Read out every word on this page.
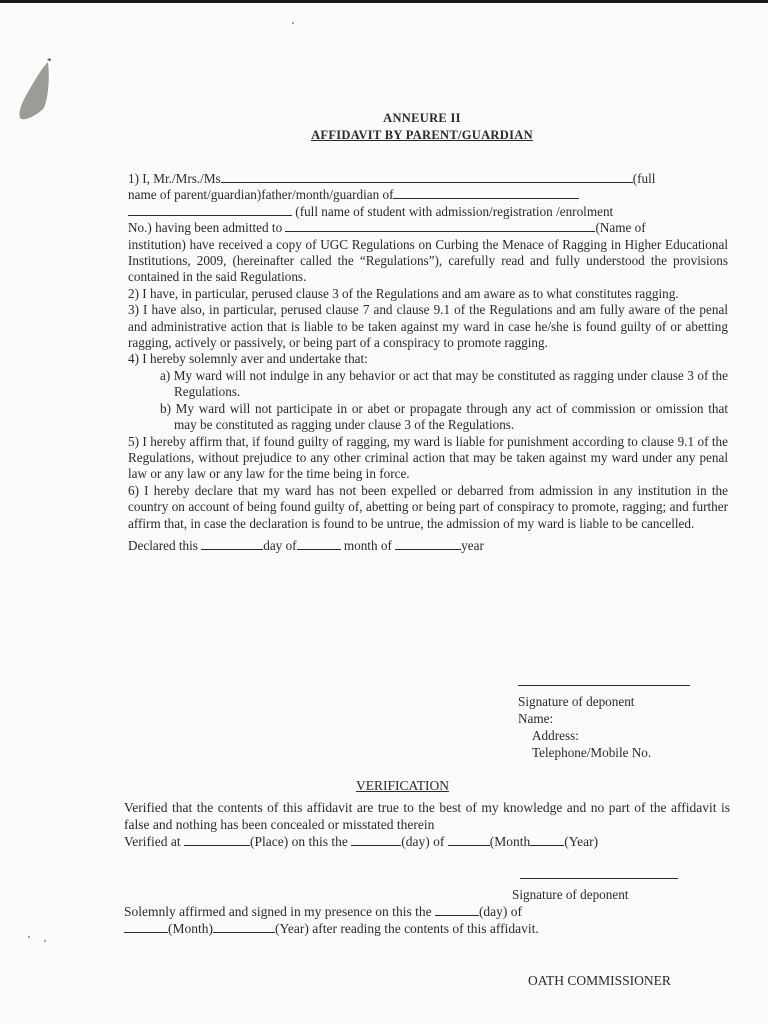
ANNEURE II
AFFIDAVIT BY PARENT/GUARDIAN

1) I, Mr./Mrs./Ms	(full

name of parent/guardian)father/month/guardian of

(full name of student with admission/registration /enrolment

No.) having been admitted to	(Name of

institution) have received a copy of UGC Regulations on Curbing the Menace of Ragging in Higher Educational Institutions, 2009, (hereinafter called the “Regulations”), carefully read and fully understood the provisions contained in the said Regulations.

2) I have, in particular, perused clause 3 of the Regulations and am aware as to what constitutes ragging.

3) I have also, in particular, perused clause 7 and clause 9.1 of the Regulations and am fully aware of the penal and administrative action that is liable to be taken against my ward in case he/she is found guilty of or abetting ragging, actively or passively, or being part of a conspiracy to promote ragging.

4) I hereby solemnly aver and undertake that:

a) My ward will not indulge in any behavior or act that may be constituted as ragging under clause 3 of the Regulations.

b) My ward will not participate in or abet or propagate through any act of commission or omission that may be constituted as ragging under clause 3 of the Regulations.

5) I hereby affirm that, if found guilty of ragging, my ward is liable for punishment according to clause 9.1 of the Regulations, without prejudice to any other criminal action that may be taken against my ward under any penal law or any law or any law for the time being in force.

6) I hereby declare that my ward has not been expelled or debarred from admission in any institution in the country on account of being found guilty of, abetting or being part of conspiracy to promote, ragging; and further affirm that, in case the declaration is found to be untrue, the admission of my ward is liable to be cancelled.

Declared this	day of	month of	year

Signature of deponent
Name:
Address:
Telephone/Mobile No.
VERIFICATION

Verified that the contents of this affidavit are true to the best of my knowledge and no part of the affidavit is false and nothing has been concealed or misstated therein

Verified at	(Place) on this the	(day) of	(Month	(Year)

Signature of deponent

Solemnly affirmed and signed in my presence on this the	(day) of

(Month)	(Year) after reading the contents of this affidavit.

OATH COMMISSIONER
